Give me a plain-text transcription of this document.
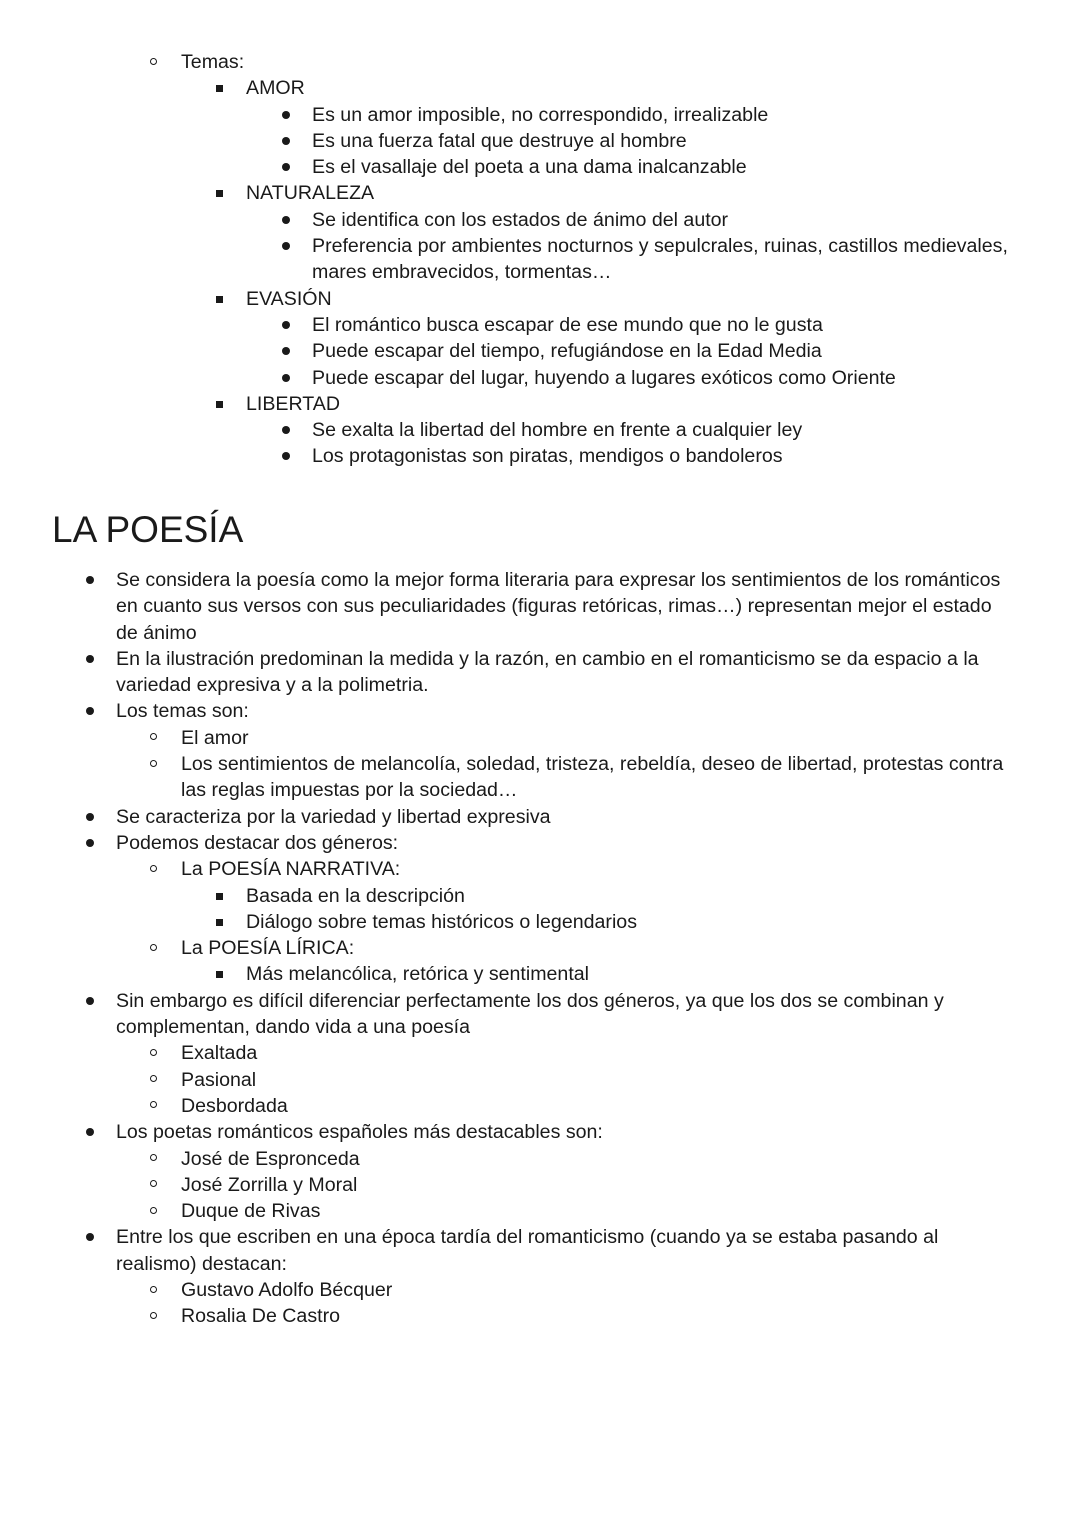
Temas:
AMOR
Es un amor imposible, no correspondido, irrealizable
Es una fuerza fatal que destruye al hombre
Es el vasallaje del poeta a una dama inalcanzable
NATURALEZA
Se identifica con los estados de ánimo del autor
Preferencia por ambientes nocturnos y sepulcrales, ruinas, castillos medievales,
mares embravecidos, tormentas…
EVASIÓN
El romántico busca escapar de ese mundo que no le gusta
Puede escapar del tiempo, refugiándose en la Edad Media
Puede escapar del lugar, huyendo a lugares exóticos como Oriente
LIBERTAD
Se exalta la libertad del hombre en frente a cualquier ley
Los protagonistas son piratas, mendigos o bandoleros
LA POESÍA
Se considera la poesía como la mejor forma literaria para expresar los sentimientos de los románticos
en cuanto sus versos con sus peculiaridades (figuras retóricas, rimas…) representan mejor el estado
de ánimo
En la ilustración predominan la medida y la razón, en cambio en el romanticismo se da espacio a la
variedad expresiva y a la polimetria.
Los temas son:
El amor
Los sentimientos de melancolía, soledad, tristeza, rebeldía, deseo de libertad, protestas contra
las reglas impuestas por la sociedad…
Se caracteriza por la variedad y libertad expresiva
Podemos destacar dos géneros:
La POESÍA NARRATIVA:
Basada en la descripción
Diálogo sobre temas históricos o legendarios
La POESÍA LÍRICA:
Más melancólica, retórica y sentimental
Sin embargo es difícil diferenciar perfectamente los dos géneros, ya que los dos se combinan y
complementan, dando vida a una poesía
Exaltada
Pasional
Desbordada
Los poetas románticos españoles más destacables son:
José de Espronceda
José Zorrilla y Moral
Duque de Rivas
Entre los que escriben en una época tardía del romanticismo (cuando ya se estaba pasando al
realismo) destacan:
Gustavo Adolfo Bécquer
Rosalia De Castro
